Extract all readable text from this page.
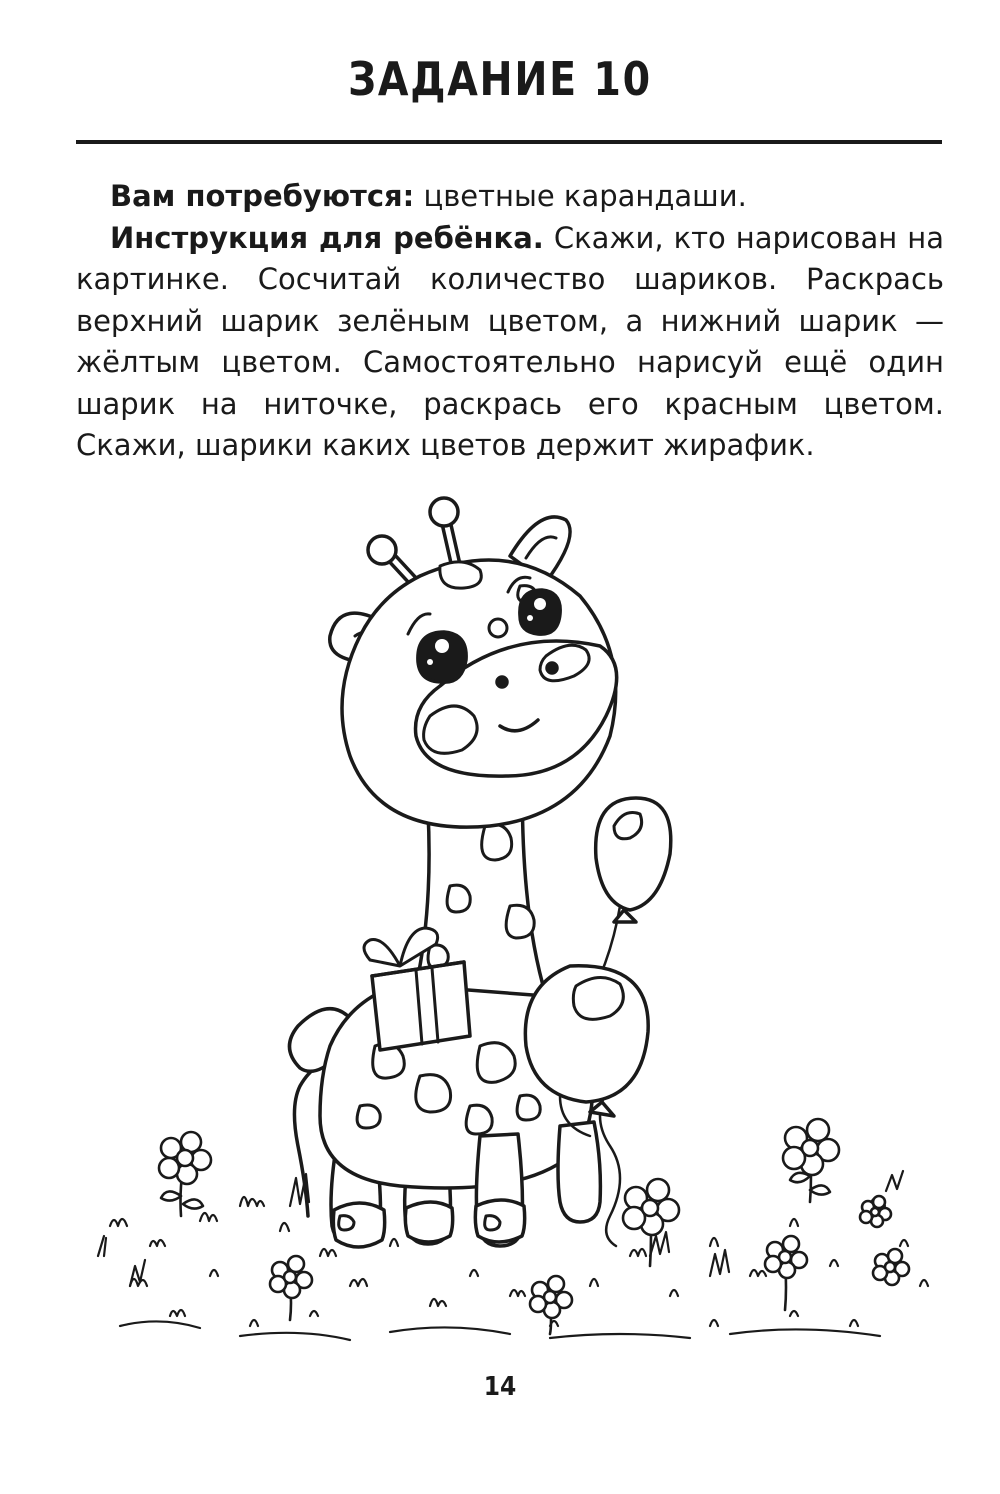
ЗАДАНИЕ 10

Вам потребуются: цветные карандаши.

Инструкция для ребёнка. Скажи, кто нарисован на картинке. Сосчитай количество шариков. Раскрась верхний шарик зелёным цветом, а нижний шарик — жёлтым цветом. Самостоятельно нарисуй ещё один шарик на ниточке, раскрась его красным цветом. Скажи, шарики каких цветов держит жирафик.

14
